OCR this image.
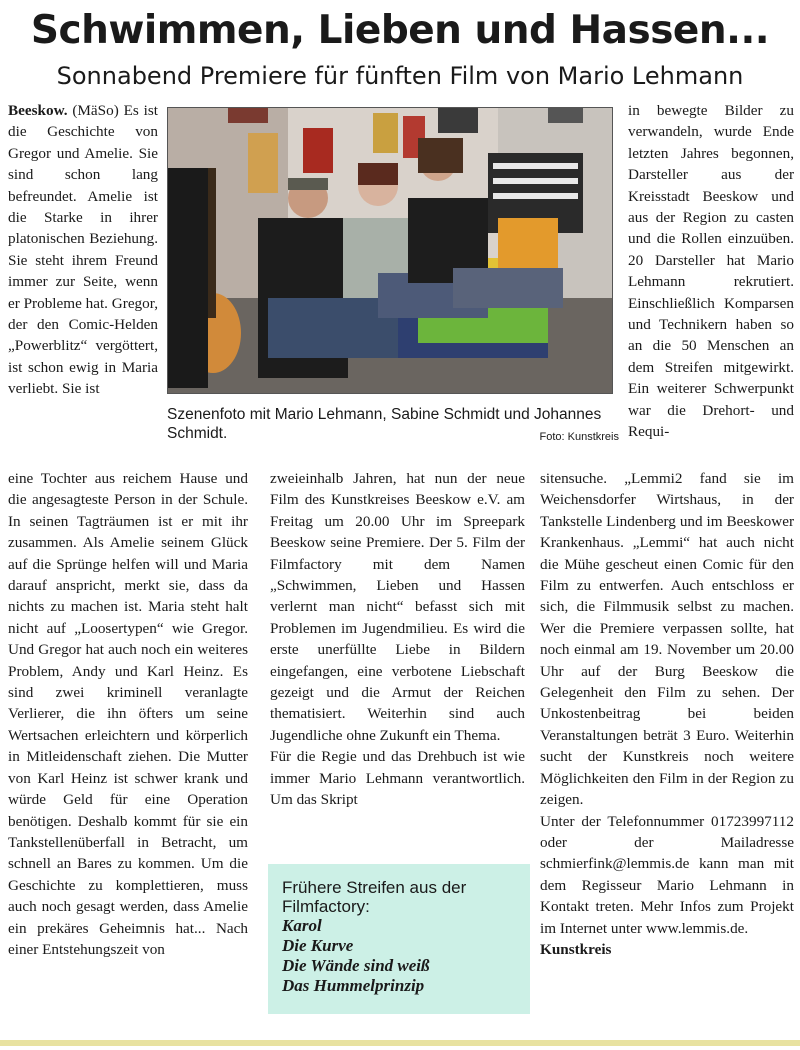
Schwimmen, Lieben und Hassen...
Sonnabend Premiere für fünften Film von Mario Lehmann

Beeskow. (MäSo) Es ist die Geschichte von Gregor und Amelie. Sie sind schon lang befreundet. Amelie ist die Starke in ihrer platonischen Beziehung. Sie steht ihrem Freund immer zur Seite, wenn er Probleme hat. Gregor, der den Comic-Helden „Powerblitz“ vergöttert, ist schon ewig in Maria verliebt. Sie ist

Szenenfoto mit Mario Lehmann, Sabine Schmidt und Johannes Schmidt.	Foto: Kunstkreis

eine Tochter aus reichem Hause und die angesagteste Person in der Schule. In seinen Tagträumen ist er mit ihr zusammen. Als Amelie seinem Glück auf die Sprünge helfen will und Maria darauf anspricht, merkt sie, dass da nichts zu machen ist. Maria steht halt nicht auf „Loosertypen“ wie Gregor. Und Gregor hat auch noch ein weiteres Problem, Andy und Karl Heinz. Es sind zwei kriminell veranlagte Verlierer, die ihn öfters um seine Wertsachen erleichtern und körperlich in Mitleidenschaft ziehen. Die Mutter von Karl Heinz ist schwer krank und würde Geld für eine Operation benötigen. Deshalb kommt für sie ein Tankstellenüberfall in Betracht, um schnell an Bares zu kommen. Um die Geschichte zu komplettieren, muss auch noch gesagt werden, dass Amelie ein prekäres Geheimnis hat... Nach einer Entstehungszeit von

zweieinhalb Jahren, hat nun der neue Film des Kunstkreises Beeskow e.V. am Freitag um 20.00 Uhr im Spreepark Beeskow seine Premiere. Der 5. Film der Filmfactory mit dem Namen „Schwimmen, Lieben und Hassen verlernt man nicht“ befasst sich mit Problemen im Jugendmilieu. Es wird die erste unerfüllte Liebe in Bildern eingefangen, eine verbotene Liebschaft gezeigt und die Armut der Reichen thematisiert. Weiterhin sind auch Jugendliche ohne Zukunft ein Thema.

Für die Regie und das Drehbuch ist wie immer Mario Lehmann verantwortlich. Um das Skript

in bewegte Bilder zu verwandeln, wurde Ende letzten Jahres begonnen, Darsteller aus der Kreisstadt Beeskow und aus der Region zu casten und die Rollen einzuüben. 20 Darsteller hat Mario Lehmann rekrutiert. Einschließlich Komparsen und Technikern haben so an die 50 Menschen an dem Streifen mitgewirkt. Ein weiterer Schwerpunkt war die Drehort- und Requi-

sitensuche. „Lemmi2 fand sie im Weichensdorfer Wirtshaus, in der Tankstelle Lindenberg und im Beeskower Krankenhaus. „Lemmi“ hat auch nicht die Mühe gescheut einen Comic für den Film zu entwerfen. Auch entschloss er sich, die Filmmusik selbst zu machen. Wer die Premiere verpassen sollte, hat noch einmal am 19. November um 20.00 Uhr auf der Burg Beeskow die Gelegenheit den Film zu sehen. Der Unkostenbeitrag bei beiden Veranstaltungen beträt 3 Euro. Weiterhin sucht der Kunstkreis noch weitere Möglichkeiten den Film in der Region zu zeigen.

Unter der Telefonnummer 01723997112 oder der Mailadresse schmierfink@lemmis.de kann man mit dem Regisseur Mario Lehmann in Kontakt treten. Mehr Infos zum Projekt im Internet unter www.lemmis.de.

Kunstkreis

Frühere Streifen aus der Filmfactory:
Karol
Die Kurve
Die Wände sind weiß
Das Hummelprinzip
